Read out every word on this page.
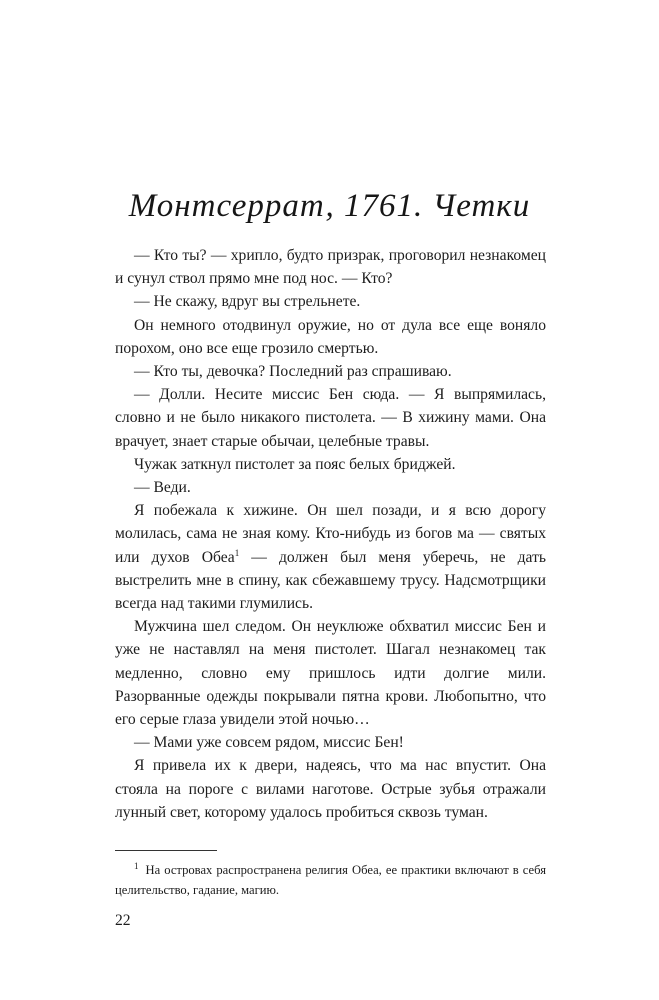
Монтсеррат, 1761. Четки

— Кто ты? — хрипло, будто призрак, проговорил незнакомец и сунул ствол прямо мне под нос. — Кто?

— Не скажу, вдруг вы стрельнете.

Он немного отодвинул оружие, но от дула все еще воняло порохом, оно все еще грозило смертью.

— Кто ты, девочка? Последний раз спрашиваю.

— Долли. Несите миссис Бен сюда. — Я выпрямилась, словно и не было никакого пистолета. — В хижину мами. Она врачует, знает старые обычаи, целебные травы.

Чужак заткнул пистолет за пояс белых бриджей.

— Веди.

Я побежала к хижине. Он шел позади, и я всю дорогу молилась, сама не зная кому. Кто-нибудь из богов ма — святых или духов Обеа$^1$ — должен был меня уберечь, не дать выстрелить мне в спину, как сбежавшему трусу. Надсмотрщики всегда над такими глумились.

Мужчина шел следом. Он неуклюже обхватил миссис Бен и уже не наставлял на меня пистолет. Шагал незнакомец так медленно, словно ему пришлось идти долгие мили. Разорванные одежды покрывали пятна крови. Любопытно, что его серые глаза увидели этой ночью…

— Мами уже совсем рядом, миссис Бен!

Я привела их к двери, надеясь, что ма нас впустит. Она стояла на пороге с вилами наготове. Острые зубья отражали лунный свет, которому удалось пробиться сквозь туман.

$^1$ На островах распространена религия Обеа, ее практики включают в себя целительство, гадание, магию.

22
